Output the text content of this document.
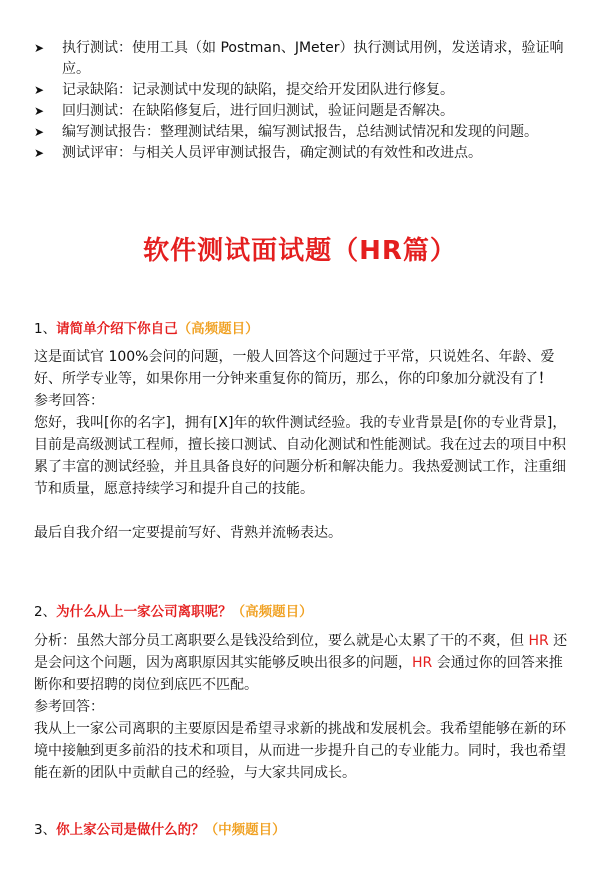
➤ 执行测试：使用工具（如 Postman、JMeter）执行测试用例，发送请求，验证响应。
➤ 记录缺陷：记录测试中发现的缺陷，提交给开发团队进行修复。
➤ 回归测试：在缺陷修复后，进行回归测试，验证问题是否解决。
➤ 编写测试报告：整理测试结果，编写测试报告，总结测试情况和发现的问题。
➤ 测试评审：与相关人员评审测试报告，确定测试的有效性和改进点。
软件测试面试题（HR篇）
1、请简单介绍下你自己（高频题目）

这是面试官 100%会问的问题，一般人回答这个问题过于平常，只说姓名、年龄、爱好、所学专业等，如果你用一分钟来重复你的简历，那么，你的印象加分就没有了！

参考回答：

您好，我叫[你的名字]，拥有[X]年的软件测试经验。我的专业背景是[你的专业背景]，目前是高级测试工程师，擅长接口测试、自动化测试和性能测试。我在过去的项目中积累了丰富的测试经验，并且具备良好的问题分析和解决能力。我热爱测试工作，注重细节和质量，愿意持续学习和提升自己的技能。

最后自我介绍一定要提前写好、背熟并流畅表达。

2、为什么从上一家公司离职呢？（高频题目）

分析：虽然大部分员工离职要么是钱没给到位，要么就是心太累了干的不爽，但 HR 还是会问这个问题，因为离职原因其实能够反映出很多的问题，HR 会通过你的回答来推断你和要招聘的岗位到底匹不匹配。

参考回答：

我从上一家公司离职的主要原因是希望寻求新的挑战和发展机会。我希望能够在新的环境中接触到更多前沿的技术和项目，从而进一步提升自己的专业能力。同时，我也希望能在新的团队中贡献自己的经验，与大家共同成长。

3、你上家公司是做什么的？（中频题目）
